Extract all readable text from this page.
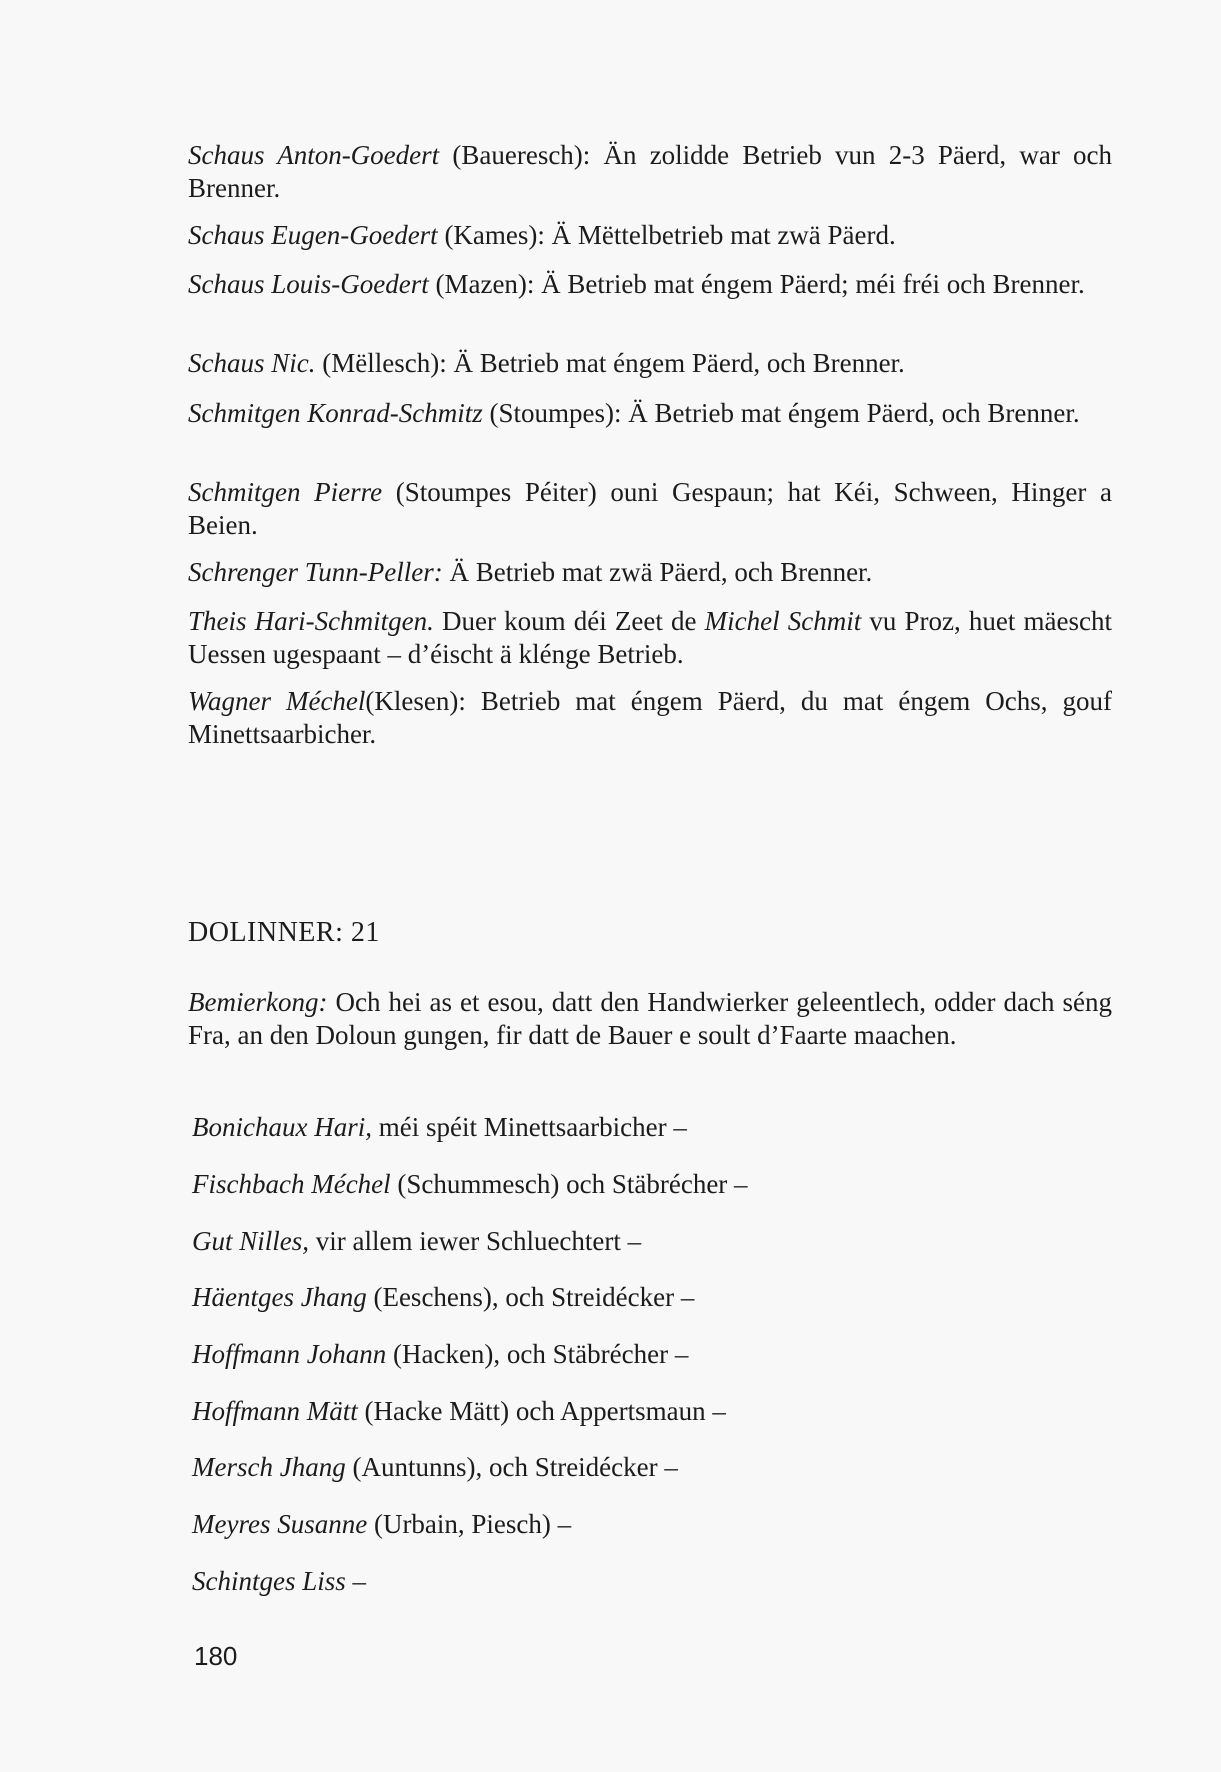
Schaus Anton-Goedert (Baueresch): Än zolidde Betrieb vun 2-3 Päerd, war och Brenner.
Schaus Eugen-Goedert (Kames): Ä Mëttelbetrieb mat zwä Päerd.
Schaus Louis-Goedert (Mazen): Ä Betrieb mat éngem Päerd; méi fréi och Brenner.
Schaus Nic. (Mëllesch): Ä Betrieb mat éngem Päerd, och Brenner.
Schmitgen Konrad-Schmitz (Stoumpes): Ä Betrieb mat éngem Päerd, och Brenner.
Schmitgen Pierre (Stoumpes Péiter) ouni Gespaun; hat Kéi, Schween, Hinger a Beien.
Schrenger Tunn-Peller: Ä Betrieb mat zwä Päerd, och Brenner.
Theis Hari-Schmitgen. Duer koum déi Zeet de Michel Schmit vu Proz, huet mäescht Uessen ugespaant – d’éischt ä klénge Betrieb.
Wagner Méchel(Klesen): Betrieb mat éngem Päerd, du mat éngem Ochs, gouf Minettsaarbicher.
DOLINNER: 21
Bemierkong: Och hei as et esou, datt den Handwierker geleentlech, odder dach séng Fra, an den Doloun gungen, fir datt de Bauer e soult d’Faarte maachen.
Bonichaux Hari, méi spéit Minettsaarbicher –
Fischbach Méchel (Schummesch) och Stäbrécher –
Gut Nilles, vir allem iewer Schluechtert –
Häentges Jhang (Eeschens), och Streidécker –
Hoffmann Johann (Hacken), och Stäbrécher –
Hoffmann Mätt (Hacke Mätt) och Appertsmaun –
Mersch Jhang (Auntunns), och Streidécker –
Meyres Susanne (Urbain, Piesch) –
Schintges Liss –
180
